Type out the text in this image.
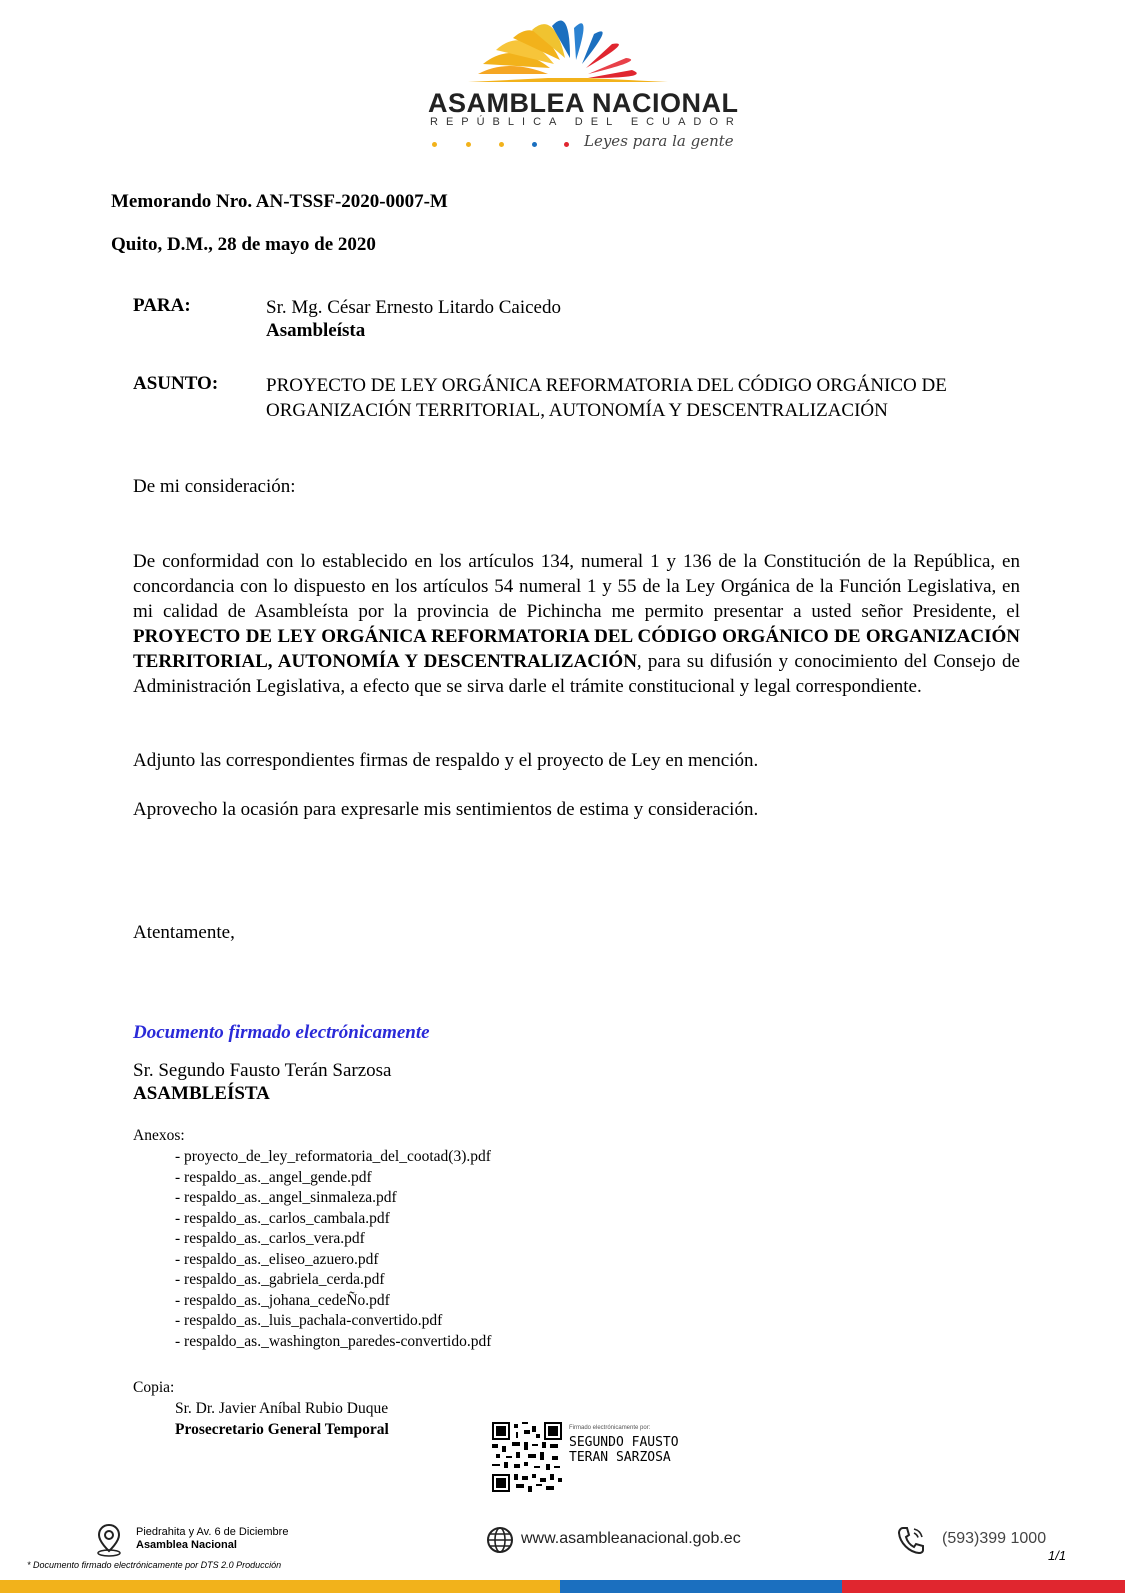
ASAMBLEA NACIONAL
REPÚBLICA DEL ECUADOR
Leyes para la gente
Memorando Nro. AN-TSSF-2020-0007-M
Quito, D.M., 28 de mayo de 2020
PARA:	Sr. Mg. César Ernesto Litardo Caicedo
Asambleísta
ASUNTO:	PROYECTO DE LEY ORGÁNICA REFORMATORIA DEL CÓDIGO ORGÁNICO DE
ORGANIZACIÓN TERRITORIAL, AUTONOMÍA Y DESCENTRALIZACIÓN
De mi consideración:
De conformidad con lo establecido en los artículos 134, numeral 1 y 136 de la Constitución de la República, en concordancia con lo dispuesto en los artículos 54 numeral 1 y 55 de la Ley Orgánica de la Función Legislativa, en mi calidad de Asambleísta por la provincia de Pichincha me permito presentar a usted señor Presidente, el PROYECTO DE LEY ORGÁNICA REFORMATORIA DEL CÓDIGO ORGÁNICO DE ORGANIZACIÓN TERRITORIAL, AUTONOMÍA Y DESCENTRALIZACIÓN, para su difusión y conocimiento del Consejo de Administración Legislativa, a efecto que se sirva darle el trámite constitucional y legal correspondiente.
Adjunto las correspondientes firmas de respaldo y el proyecto de Ley en mención.
Aprovecho la ocasión para expresarle mis sentimientos de estima y consideración.
Atentamente,
Documento firmado electrónicamente
Sr. Segundo Fausto Terán Sarzosa
ASAMBLEÍSTA
Anexos:
- proyecto_de_ley_reformatoria_del_cootad(3).pdf
- respaldo_as._angel_gende.pdf
- respaldo_as._angel_sinmaleza.pdf
- respaldo_as._carlos_cambala.pdf
- respaldo_as._carlos_vera.pdf
- respaldo_as._eliseo_azuero.pdf
- respaldo_as._gabriela_cerda.pdf
- respaldo_as._johana_cedeÑo.pdf
- respaldo_as._luis_pachala-convertido.pdf
- respaldo_as._washington_paredes-convertido.pdf
Copia:
Sr. Dr. Javier Aníbal Rubio Duque
Prosecretario General Temporal	Firmado electrónicamente por:
SEGUNDO FAUSTO
TERAN SARZOSA
Piedrahita y Av. 6 de Diciembre
Asamblea Nacional
* Documento firmado electrónicamente por DTS 2.0 Producción
www.asambleanacional.gob.ec	(593)399 1000
1/1
